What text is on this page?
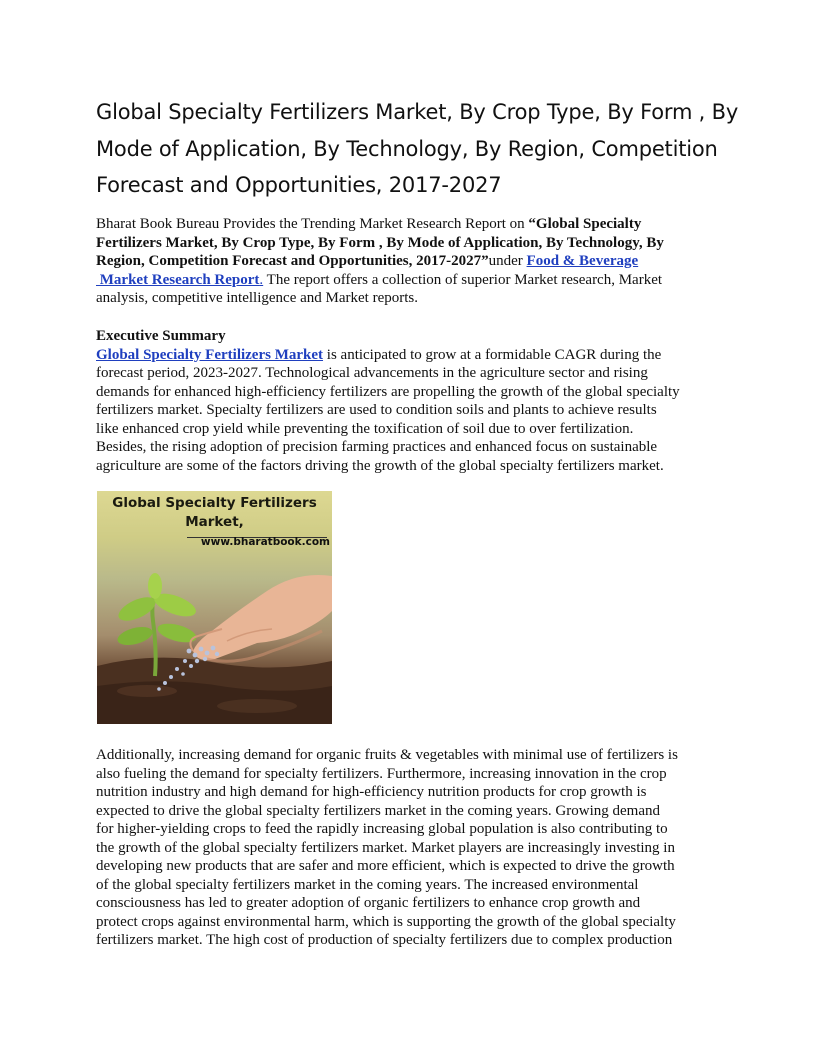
Global Specialty Fertilizers Market, By Crop Type, By Form , By
Mode of Application, By Technology, By Region, Competition
Forecast and Opportunities, 2017-2027
Bharat Book Bureau Provides the Trending Market Research Report on “Global Specialty
Fertilizers Market, By Crop Type, By Form , By Mode of Application, By Technology, By
Region, Competition Forecast and Opportunities, 2017-2027”under Food & Beverage
Market Research Report. The report offers a collection of superior Market research, Market
analysis, competitive intelligence and Market reports.
Executive Summary
Global Specialty Fertilizers Market is anticipated to grow at a formidable CAGR during the
forecast period, 2023-2027. Technological advancements in the agriculture sector and rising
demands for enhanced high-efficiency fertilizers are propelling the growth of the global specialty
fertilizers market. Specialty fertilizers are used to condition soils and plants to achieve results
like enhanced crop yield while preventing the toxification of soil due to over fertilization.
Besides, the rising adoption of precision farming practices and enhanced focus on sustainable
agriculture are some of the factors driving the growth of the global specialty fertilizers market.
Global Specialty Fertilizers
Market,
www.bharatbook.com
Additionally, increasing demand for organic fruits & vegetables with minimal use of fertilizers is
also fueling the demand for specialty fertilizers. Furthermore, increasing innovation in the crop
nutrition industry and high demand for high-efficiency nutrition products for crop growth is
expected to drive the global specialty fertilizers market in the coming years. Growing demand
for higher-yielding crops to feed the rapidly increasing global population is also contributing to
the growth of the global specialty fertilizers market. Market players are increasingly investing in
developing new products that are safer and more efficient, which is expected to drive the growth
of the global specialty fertilizers market in the coming years. The increased environmental
consciousness has led to greater adoption of organic fertilizers to enhance crop growth and
protect crops against environmental harm, which is supporting the growth of the global specialty
fertilizers market. The high cost of production of specialty fertilizers due to complex production
